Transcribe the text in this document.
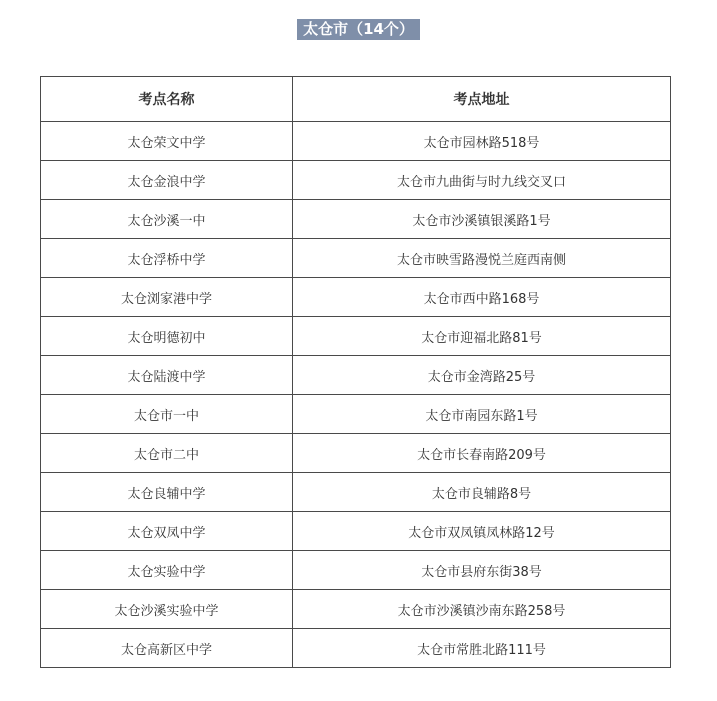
太仓市（14个）
考点名称	考点地址
太仓荣文中学	太仓市园林路518号
太仓金浪中学	太仓市九曲街与时九线交叉口
太仓沙溪一中	太仓市沙溪镇银溪路1号
太仓浮桥中学	太仓市映雪路漫悦兰庭西南侧
太仓浏家港中学	太仓市西中路168号
太仓明德初中	太仓市迎福北路81号
太仓陆渡中学	太仓市金湾路25号
太仓市一中	太仓市南园东路1号
太仓市二中	太仓市长春南路209号
太仓良辅中学	太仓市良辅路8号
太仓双凤中学	太仓市双凤镇凤林路12号
太仓实验中学	太仓市县府东街38号
太仓沙溪实验中学	太仓市沙溪镇沙南东路258号
太仓高新区中学	太仓市常胜北路111号
